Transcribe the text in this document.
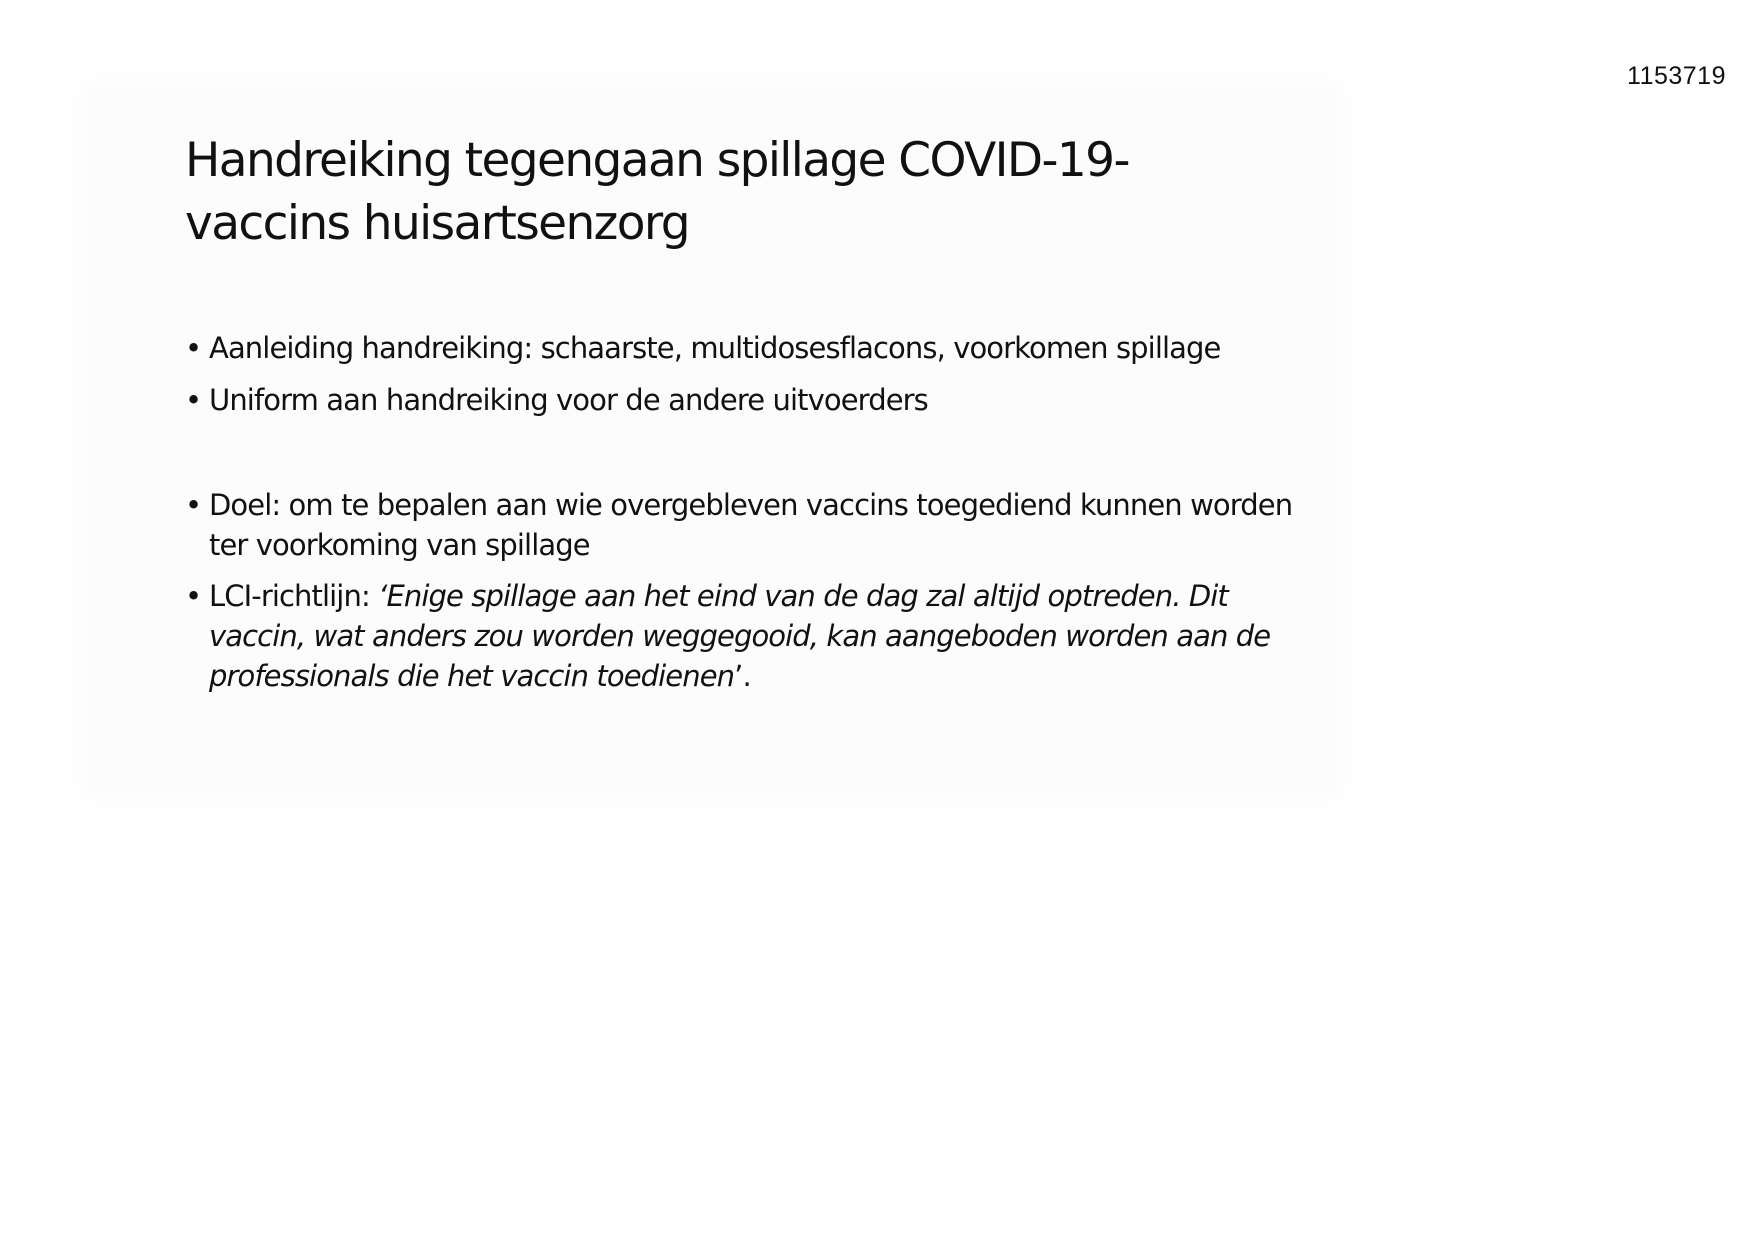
1153719
Handreiking tegengaan spillage COVID-19-
vaccins huisartsenzorg
• Aanleiding handreiking: schaarste, multidosesflacons, voorkomen spillage
• Uniform aan handreiking voor de andere uitvoerders
• Doel: om te bepalen aan wie overgebleven vaccins toegediend kunnen worden ter voorkoming van spillage
• LCI-richtlijn: ‘Enige spillage aan het eind van de dag zal altijd optreden. Dit vaccin, wat anders zou worden weggegooid, kan aangeboden worden aan de professionals die het vaccin toedienen’.
